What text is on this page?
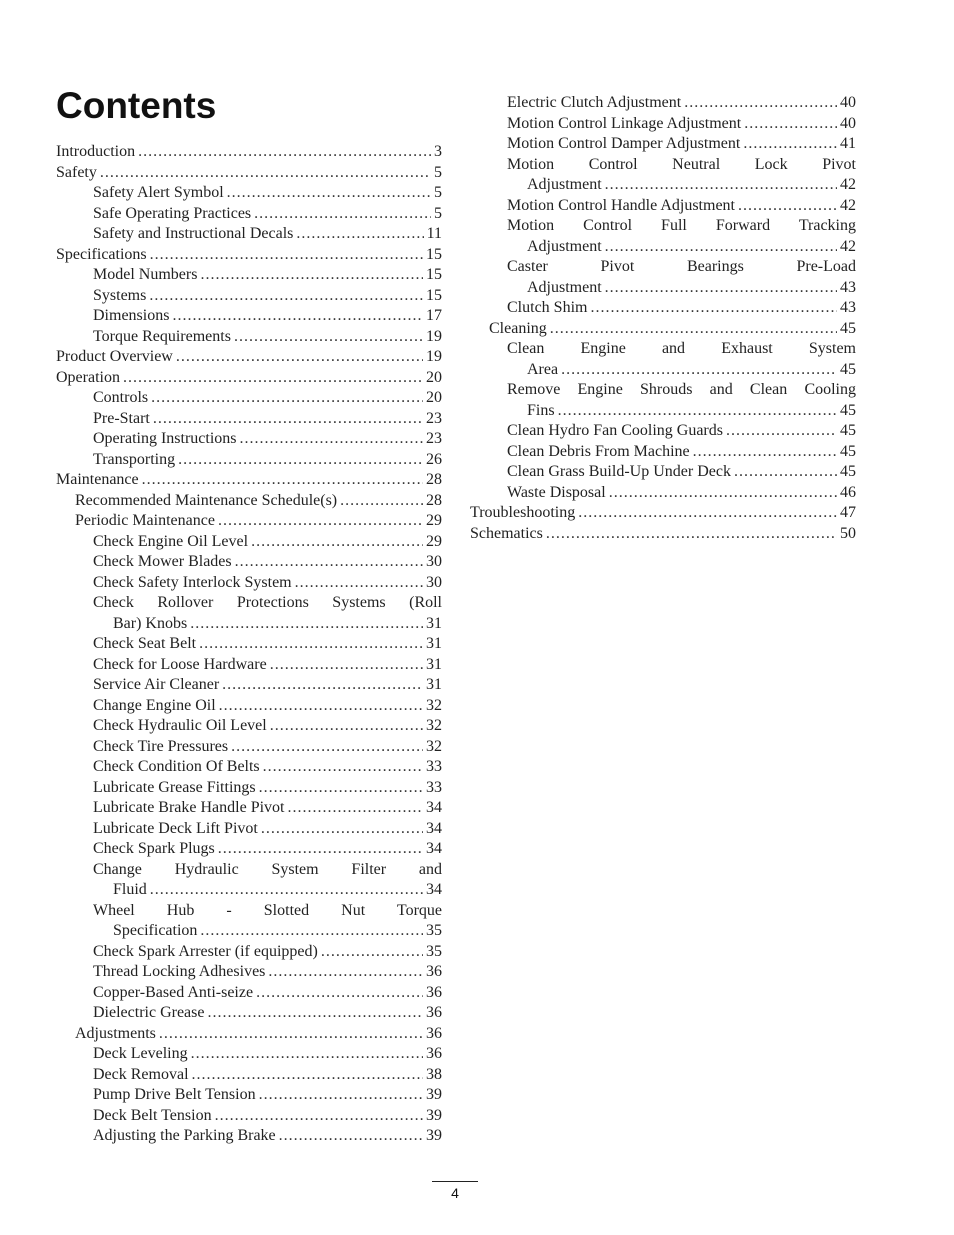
Contents
Introduction .....	3
Safety .....	5
Safety Alert Symbol .....	5
Safe Operating Practices .....	5
Safety and Instructional Decals .....	11
Specifications .....	15
Model Numbers .....	15
Systems .....	15
Dimensions .....	17
Torque Requirements .....	19
Product Overview .....	19
Operation .....	20
Controls .....	20
Pre-Start .....	23
Operating Instructions .....	23
Transporting .....	26
Maintenance .....	28
Recommended Maintenance Schedule(s) .....	28
Periodic Maintenance .....	29
Check Engine Oil Level .....	29
Check Mower Blades .....	30
Check Safety Interlock System .....	30
Check Rollover Protections Systems (Roll
Bar) Knobs .....	31
Check Seat Belt .....	31
Check for Loose Hardware .....	31
Service Air Cleaner .....	31
Change Engine Oil .....	32
Check Hydraulic Oil Level .....	32
Check Tire Pressures .....	32
Check Condition Of Belts .....	33
Lubricate Grease Fittings .....	33
Lubricate Brake Handle Pivot .....	34
Lubricate Deck Lift Pivot .....	34
Check Spark Plugs .....	34
Change Hydraulic System Filter and
Fluid .....	34
Wheel Hub - Slotted Nut Torque
Specification .....	35
Check Spark Arrester (if equipped) .....	35
Thread Locking Adhesives .....	36
Copper-Based Anti-seize .....	36
Dielectric Grease .....	36
Adjustments .....	36
Deck Leveling .....	36
Deck Removal .....	38
Pump Drive Belt Tension .....	39
Deck Belt Tension .....	39
Adjusting the Parking Brake .....	39
Electric Clutch Adjustment .....	40
Motion Control Linkage Adjustment .....	40
Motion Control Damper Adjustment .....	41
Motion Control Neutral Lock Pivot
Adjustment .....	42
Motion Control Handle Adjustment .....	42
Motion Control Full Forward Tracking
Adjustment .....	42
Caster Pivot Bearings Pre-Load
Adjustment .....	43
Clutch Shim .....	43
Cleaning .....	45
Clean Engine and Exhaust System
Area .....	45
Remove Engine Shrouds and Clean Cooling
Fins .....	45
Clean Hydro Fan Cooling Guards .....	45
Clean Debris From Machine .....	45
Clean Grass Build-Up Under Deck .....	45
Waste Disposal .....	46
Troubleshooting .....	47
Schematics .....	50
4
